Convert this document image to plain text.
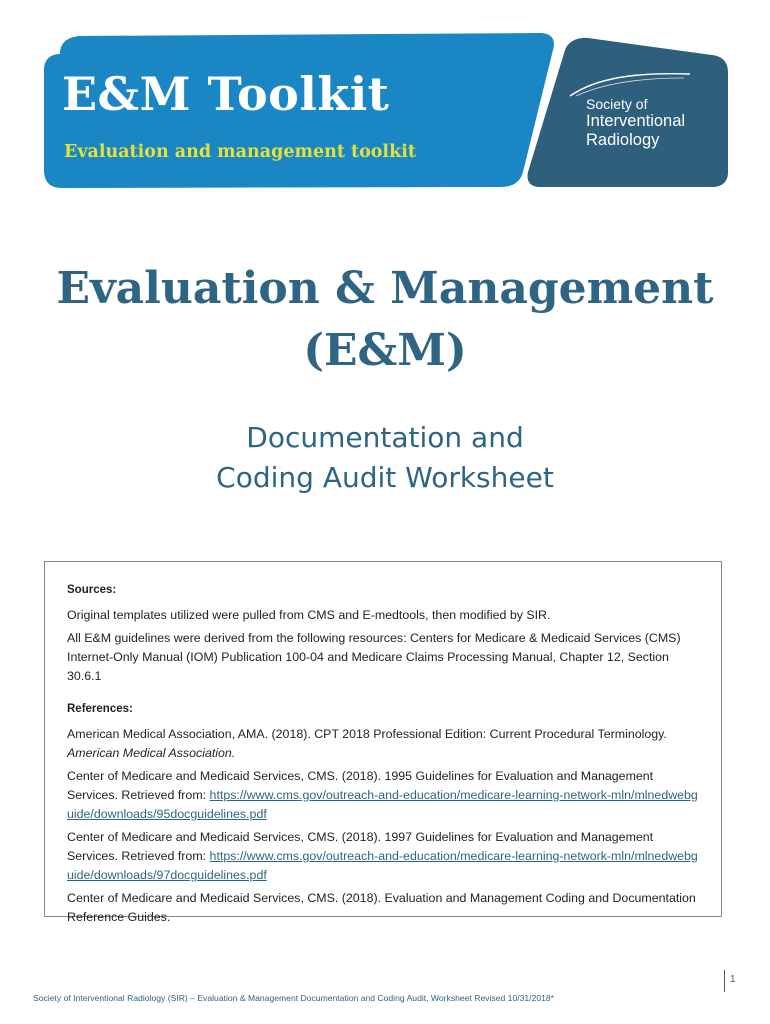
E&M Toolkit
Evaluation and management toolkit
Society of
Interventional
Radiology
Evaluation & Management
(E&M)
Documentation and
Coding Audit Worksheet

Sources:

Original templates utilized were pulled from CMS and E-medtools, then modified by SIR.

All E&M guidelines were derived from the following resources: Centers for Medicare & Medicaid Services (CMS) Internet-Only Manual (IOM) Publication 100-04 and Medicare Claims Processing Manual, Chapter 12, Section 30.6.1

References:

American Medical Association, AMA. (2018). CPT 2018 Professional Edition: Current Procedural Terminology. American Medical Association.

Center of Medicare and Medicaid Services, CMS. (2018). 1995 Guidelines for Evaluation and Management Services. Retrieved from: https://www.cms.gov/outreach-and-education/medicare-learning-network-mln/mlnedwebguide/downloads/95docguidelines.pdf

Center of Medicare and Medicaid Services, CMS. (2018). 1997 Guidelines for Evaluation and Management Services. Retrieved from: https://www.cms.gov/outreach-and-education/medicare-learning-network-mln/mlnedwebguide/downloads/97docguidelines.pdf

Center of Medicare and Medicaid Services, CMS. (2018). Evaluation and Management Coding and Documentation Reference Guides.

Society of Interventional Radiology (SIR) – Evaluation & Management Documentation and Coding Audit, Worksheet Revised 10/31/2018*
1
